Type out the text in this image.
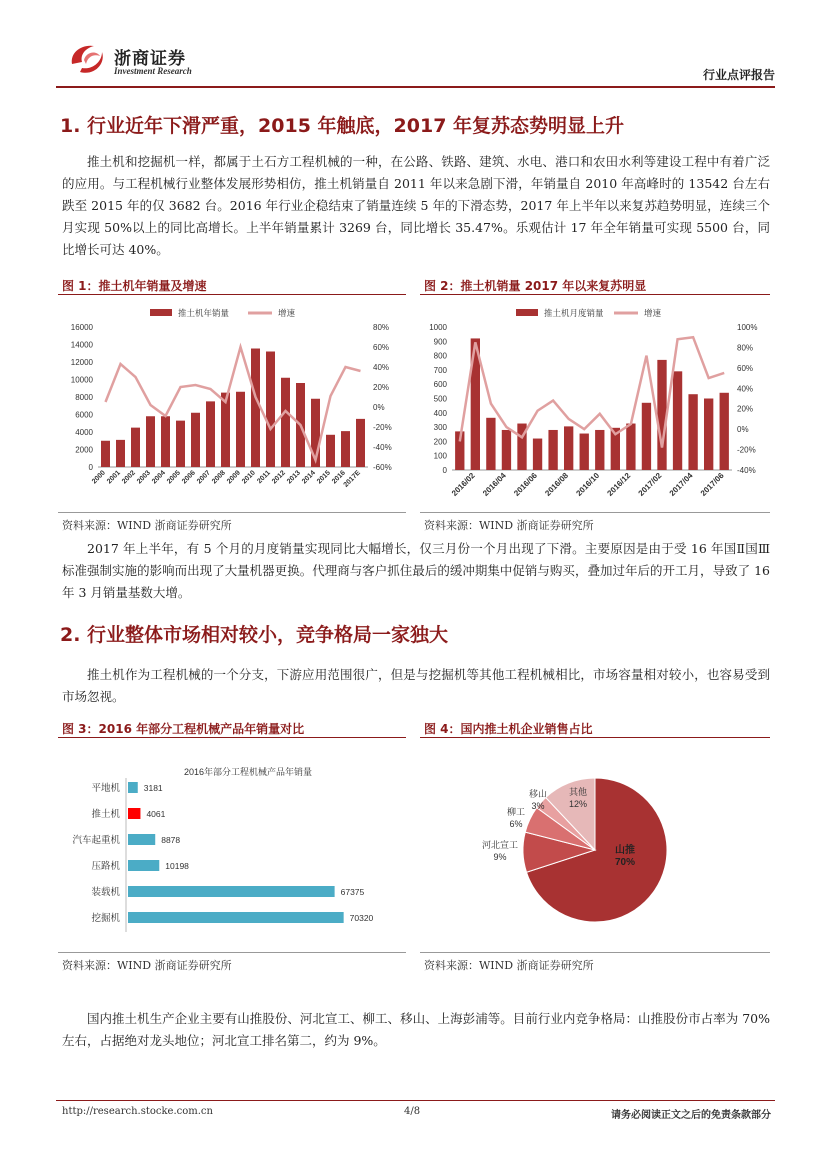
浙商证券
Investment Research	行业点评报告
1. 行业近年下滑严重，2015 年触底，2017 年复苏态势明显上升
推土机和挖掘机一样，都属于土石方工程机械的一种，在公路、铁路、建筑、水电、港口和农田水利等建设工程中有着广泛的应用。与工程机械行业整体发展形势相仿，推土机销量自 2011 年以来急剧下滑，年销量自 2010 年高峰时的 13542 台左右跌至 2015 年的仅 3682 台。2016 年行业企稳结束了销量连续 5 年的下滑态势，2017 年上半年以来复苏趋势明显，连续三个月实现 50%以上的同比高增长。上半年销量累计 3269 台，同比增长 35.47%。乐观估计 17 年全年销量可实现 5500 台，同比增长可达 40%。
图 1：推土机年销量及增速	图 2：推土机销量 2017 年以来复苏明显
0
2000
4000
6000
8000
10000
12000
14000
16000
-60%
-40%
-20%
0%
20%
40%
60%
80%
2000 2001 2002 2003 2004 2005 2006 2007 2008 2009 2010 2011 2012 2013 2014 2015 2016
2017E
推土机年销量	增速
0
100
200
300
400
500
600
700
800
900
1000
-40%
-20%
0%
20%
40%
60%
80%
100%
2016/02 2016/04 2016/06 2016/08 2016/10 2016/12 2017/02 2017/04 2017/06
推土机月度销量	增速
资料来源：WIND 浙商证券研究所	资料来源：WIND 浙商证券研究所
2017 年上半年，有 5 个月的月度销量实现同比大幅增长，仅三月份一个月出现了下滑。主要原因是由于受 16 年国Ⅱ国Ⅲ标准强制实施的影响而出现了大量机器更换。代理商与客户抓住最后的缓冲期集中促销与购买，叠加过年后的开工月，导致了 16 年 3 月销量基数大增。
2. 行业整体市场相对较小，竞争格局一家独大
推土机作为工程机械的一个分支，下游应用范围很广，但是与挖掘机等其他工程机械相比，市场容量相对较小，也容易受到市场忽视。
图 3：2016 年部分工程机械产品年销量对比	图 4：国内推土机企业销售占比
2016年部分工程机械产品年销量
平地机	3181
推土机	4061
汽车起重机	8878
压路机	10198
装载机	67375
挖掘机	70320
山推
70%
河北宣工
9%
柳工
6%
移山
3%
其他
12%
资料来源：WIND 浙商证券研究所	资料来源：WIND 浙商证券研究所
国内推土机生产企业主要有山推股份、河北宣工、柳工、移山、上海彭浦等。目前行业内竞争格局：山推股份市占率为 70%左右，占据绝对龙头地位；河北宣工排名第二，约为 9%。
http://research.stocke.com.cn	4/8	请务必阅读正文之后的免责条款部分
